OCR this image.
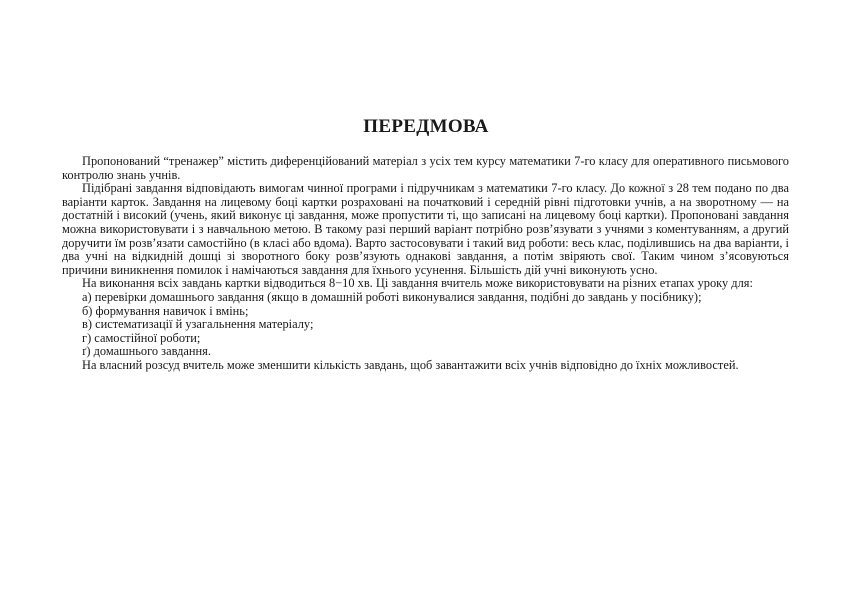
ПЕРЕДМОВА

Пропонований “тренажер” містить диференційований матеріал з усіх тем курсу математики 7-го класу для оперативного письмового контролю знань учнів.

Підібрані завдання відповідають вимогам чинної програми і підручникам з математики 7-го класу. До кожної з 28 тем подано по два варіанти карток. Завдання на лицевому боці картки розраховані на початковий і середній рівні підготовки учнів, а на зворотному — на достатній і високий (учень, який виконує ці завдання, може пропустити ті, що записані на лицевому боці картки). Пропоновані завдання можна використовувати і з навчальною метою. В такому разі перший варіант потрібно розв’язувати з учнями з коментуванням, а другий доручити їм розв’язати самостійно (в класі або вдома). Варто застосовувати і такий вид роботи: весь клас, поділившись на два варіанти, і два учні на відкидній дошці зі зворотного боку розв’язують однакові завдання, а потім звіряють свої. Таким чином з’ясовуються причини виникнення помилок і намічаються завдання для їхнього усунення. Більшість дій учні виконують усно.

На виконання всіх завдань картки відводиться 8−10 хв. Ці завдання вчитель може використовувати на різних етапах уроку для:

а) перевірки домашнього завдання (якщо в домашній роботі виконувалися завдання, подібні до завдань у посібнику);

б) формування навичок і вмінь;

в) систематизації й узагальнення матеріалу;

г) самостійної роботи;

ґ) домашнього завдання.

На власний розсуд вчитель може зменшити кількість завдань, щоб завантажити всіх учнів відповідно до їхніх можливостей.
